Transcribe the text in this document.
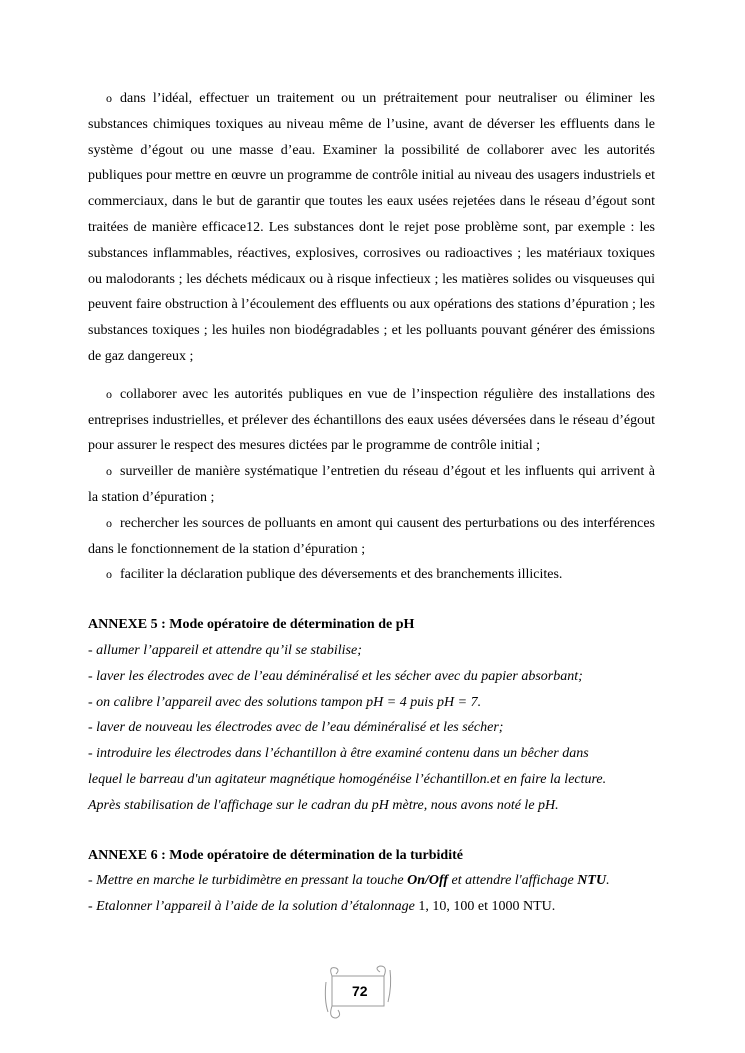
o dans l’idéal, effectuer un traitement ou un prétraitement pour neutraliser ou éliminer les substances chimiques toxiques au niveau même de l’usine, avant de déverser les effluents dans le système d’égout ou une masse d’eau. Examiner la possibilité de collaborer avec les autorités publiques pour mettre en œuvre un programme de contrôle initial au niveau des usagers industriels et commerciaux, dans le but de garantir que toutes les eaux usées rejetées dans le réseau d’égout sont traitées de manière efficace12. Les substances dont le rejet pose problème sont, par exemple : les substances inflammables, réactives, explosives, corrosives ou radioactives ; les matériaux toxiques ou malodorants ; les déchets médicaux ou à risque infectieux ; les matières solides ou visqueuses qui peuvent faire obstruction à l’écoulement des effluents ou aux opérations des stations d’épuration ; les substances toxiques ; les huiles non biodégradables ; et les polluants pouvant générer des émissions de gaz dangereux ;

o collaborer avec les autorités publiques en vue de l’inspection régulière des installations des entreprises industrielles, et prélever des échantillons des eaux usées déversées dans le réseau d’égout pour assurer le respect des mesures dictées par le programme de contrôle initial ;

o surveiller de manière systématique l’entretien du réseau d’égout et les influents qui arrivent à la station d’épuration ;

o rechercher les sources de polluants en amont qui causent des perturbations ou des interférences dans le fonctionnement de la station d’épuration ;

o faciliter la déclaration publique des déversements et des branchements illicites.

ANNEXE 5 : Mode opératoire de détermination de pH

- allumer l’appareil et attendre qu’il se stabilise;

- laver les électrodes avec de l’eau déminéralisé et les sécher avec du papier absorbant;

- on calibre l’appareil avec des solutions tampon pH = 4 puis pH = 7.

- laver de nouveau les électrodes avec de l’eau déminéralisé et les sécher;

- introduire les électrodes dans l’échantillon à être examiné contenu dans un bêcher dans

lequel le barreau d'un agitateur magnétique homogénéise l’échantillon.et en faire la lecture.

Après stabilisation de l'affichage sur le cadran du pH mètre, nous avons noté le pH.

ANNEXE 6 : Mode opératoire de détermination de la turbidité

- Mettre en marche le turbidimètre en pressant la touche On/Off et attendre l'affichage NTU.

- Etalonner l’appareil à l’aide de la solution d’étalonnage 1, 10, 100 et 1000 NTU.

72
